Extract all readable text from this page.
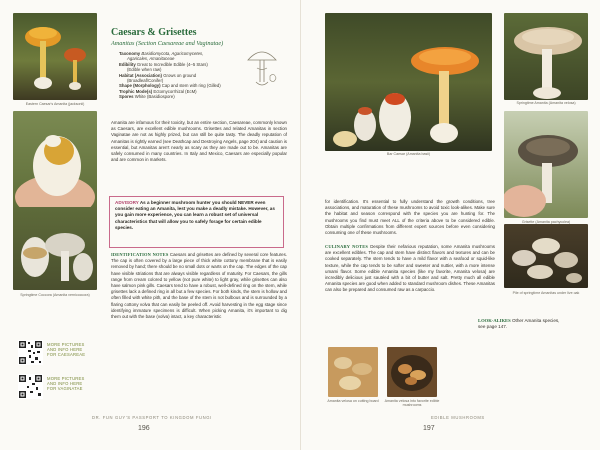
Eastern Caesar's Amanita (jacksonii)
Springtime Coccora (Amanita vernicoccora)
Caesars & Grisettes
Amanitas (Section Caesareae and Vaginatae)
Taxonomy Basidiomycota, Agaricomycetes,
Agaricales, Amanitaceae
Edibility Great to Incredible Edible (4–5 Stars)
(Edible when raw)
Habitat (Association) Grows on ground
(Broadleaf/Conifer)
Shape (Morphology) Cap and stem with ring (Gilled)
Trophic Mode(s) Ectomycorrhizal (EcM)
Spores White (Basidiospore)
Amanita are infamous for their toxicity, but an entire section, Caesareae, commonly known as Caesars, are excellent edible mushrooms. Grisettes and related Amanitas in section Vaginatae are not as highly prized, but can still be quite tasty. The deadly reputation of Amanitas is rightly earned (see Deathcap and Destroying Angels, page 204) and caution is essential, but Amanitas aren't nearly as scary as they are made out to be. Amanitas are safely consumed in many countries. In Italy and Mexico, Caesars are especially popular and are common in markets.
ADVISORY As a beginner mushroom hunter you should NEVER even consider eating an Amanita, lest you make a deadly mistake. However, as you gain more experience, you can learn a robust set of universal characteristics that will allow you to safely forage for certain edible species.
IDENTIFICATION NOTES Caesars and grisettes are defined by several core features. The cap is often covered by a large piece of thick white cottony membrane that is easily removed by hand; there should be no small dots or warts on the cap. The edges of the cap have visible striations that are always visible regardless of maturity. For Caesars, the gills range from cream colored to yellow (not pure white) to light gray, while grisettes can also have salmon pink gills. Caesars tend to have a robust, well-defined ring on the stem, while grisettes lack a defined ring in all but a few species. For both kinds, the stem is hollow and often filled with white pith, and the base of the stem is not bulbous and is surrounded by a flaring cottony volva that can easily be peeled off. Avoid harvesting in the egg stage since identifying immature specimens is difficult. When picking Amanita, it's important to dig them out with the base (volva) intact, a key characteristic
MORE PICTURES AND INFO HERE FOR CAESAREAE
MORE PICTURES AND INFO HERE FOR VAGINATAE
DR. FUN GUY'S PASSPORT TO KINGDOM FUNGI
196
Bar Caesar (Amanita basii)
Springtime Amanita (Amanita velosa)
Grisette (Amanita pachycolea)
Pile of springtime Amanitas under live oak
for identification. It's essential to fully understand the growth conditions, tree associations, and maturation of these mushrooms to avoid toxic look-alikes. Make sure the habitat and season correspond with the species you are hunting for. The mushrooms you find must meet ALL of the criteria above to be considered edible. Obtain multiple confirmations from different expert sources before even considering consuming one of these mushrooms.
CULINARY NOTES Despite their nefarious reputation, some Amanita mushrooms are excellent edibles. The cap and stem have distinct flavors and textures and can be cooked separately. The stem tends to have a mild flavor with a seafood or squid-like texture, while the cap tends to be softer and sweeter and nuttier, with a more intense umami flavor. Some edible Amanita species (like my favorite, Amanita velosa) are incredibly delicious just sautéed with a bit of butter and salt. Pretty much all edible Amanita species are good when added to standard mushroom dishes. These Amanitas can also be prepared and consumed raw as a carpaccio.
Amanita velosa on cutting board	Amanita velosa into favorite edible mushrooms
LOOK-ALIKES Other Amanita species, see page 147.
EDIBLE MUSHROOMS
197
